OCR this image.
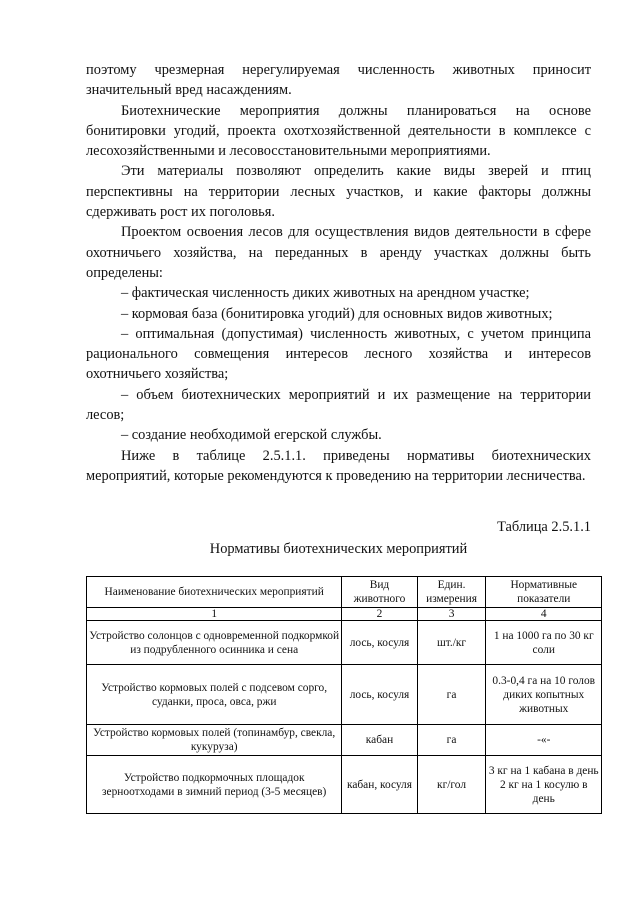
поэтому чрезмерная нерегулируемая численность животных приносит значительный вред насаждениям.

Биотехнические мероприятия должны планироваться на основе бонитировки угодий, проекта охотхозяйственной деятельности в комплексе с лесохозяйственными и лесовосстановительными мероприятиями.

Эти материалы позволяют определить какие виды зверей и птиц перспективны на территории лесных участков, и какие факторы должны сдерживать рост их поголовья.

Проектом освоения лесов для осуществления видов деятельности в сфере охотничьего хозяйства, на переданных в аренду участках должны быть определены:

– фактическая численность диких животных на арендном участке;

– кормовая база (бонитировка угодий) для основных видов животных;

– оптимальная (допустимая) численность животных, с учетом принципа рационального совмещения интересов лесного хозяйства и интересов охотничьего хозяйства;

– объем биотехнических мероприятий и их размещение на территории лесов;

– создание необходимой егерской службы.

Ниже в таблице 2.5.1.1. приведены нормативы биотехнических мероприятий, которые рекомендуются к проведению на территории лесничества.

Таблица 2.5.1.1
Нормативы биотехнических мероприятий
Наименование биотехнических мероприятий	Вид животного	Един. измерения	Нормативные показатели
1	2	3	4
Устройство солонцов с одновременной подкормкой из подрубленного осинника и сена	лось, косуля	шт./кг	1 на 1000 га по 30 кг соли
Устройство кормовых полей с подсевом сорго, суданки, проса, овса, ржи	лось, косуля	га	0.3-0,4 га на 10 голов диких копытных животных
Устройство кормовых полей (топинамбур, свекла, кукуруза)	кабан	га	-«-
Устройство подкормочных площадок зерноотходами в зимний период (3-5 месяцев)	кабан, косуля	кг/гол	3 кг на 1 кабана в день 2 кг на 1 косулю в день
